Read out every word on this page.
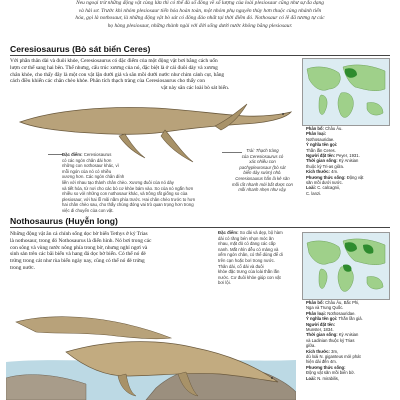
Neu ngoại trừ những động vật cùng lứa thì có thể đủ số đông về số lượng của loài plesiosaur cũng như sự đa dạng
và hải sơ. Trước khi nhóm plesiosaur tiến hóa hoàn toàn, một nhóm phụ nguyên thủy hơn thuộc cùng nhánh tiến
hóa, gọi là nothosaur, là những động vật bò sát có đông đảo nhất tại thời điểm đó. Nothosaur có lẽ đã tương tự các
họ hàng plesiosaur, những thành ngài với đời sống dưới nước không bằng plesiosaur.
Ceresiosaurus (Bò sát biển Ceres)
Với phần thân dài và đuôi khỏe, Ceresiosaurus có đặc điểm của một động vật bơi bằng cách uốn
lượn cơ thể sang hai bên. Thế nhưng, cấu trúc xương của nó, đặc biệt là ở cái đuôi dày và xương
chân khỏe, cho thấy đây là một con vật lặn dưới giả và săn mồi dưới nước như chim cánh cụt, bằng
cách điều khiển các chân chèo khỏe. Phân tích thạch tràng của Ceresiosaurus cho thấy con
vật này săn các loài bò sát biển.
Đặc điểm: Ceresiosaurus
có các ngón chân dài hơn
những con nothosaur khác, vì
mỗi ngón của nó có nhiều
xương hơn. Các ngón chân dính
liền với nhau tạo thành chân chèo. Xương đuôi của nó dày
và tiết hóa, từ nơi cho các bó cơ khỏe bám vào. So của nó ngắn hơn
nhiều so với những con nothosaur khác, và trông rất giống so của
plesiosaur, với hai lỗ mũi nằm phía trước. Hai chân chèo trước to hơn
hai chân chèo sau, cho thấy chúng đóng vai trò quan trọng hơn trong
việc di chuyển của con vật.
Trái: Thạch tràng
của Ceresiosaurus có
xác nhiều con
pachypleurosaur (bò sát
biển dày sườn) nhỏ.
Ceresiosaurus hẳn là kẻ săn
mồi rất nhanh mới bắt được con
mồi nhanh nhẹn như vậy.
Phân bố: Châu Âu.
Phân loại:
Nothosauridae.
Ý nghĩa tên gọi:
Thằn lằn Ceres.
Người đặt tên: Peyer, 1931.
Thời gian sống: Kỷ Anisian
thuộc kỷ Tri-as giữa.
Kích thước: 4m.
Phương thức sống: Động vật
săn mồi dưới nước.
Loài: C. calcagnii,
C. lanzi.
Nothosaurus (Huyễn long)
Những động vật ăn cá chính sống dọc bờ biển Tethys ở kỷ Trias
là nothosaur, trong đó Nothosaurus là điển hình. Nó bơi trong các
con sông và vùng nước nông phía trong bờ, nhưng nghỉ ngơi và
sinh sản trên các bãi biển và hang đá dọc bờ biển. Có thể nó đẻ
trứng trong cát như rùa biển ngày nay, cũng có thể nó đẻ trứng
trong nước.
Đặc điểm: So dài và dẹp, bộ hàm
dài có răng bén nhọn móc ăn
nhau, mặt đỏ có đang các cấp
nanh. Mắt nhìn dễu có mảng và
xếm ngón chân, có thể dùng để di
trên cạn hoặc bơi trong nước.
Thân dài, cổ dài và đuôi
khỏe đặc trưng của loài thằn lằn
nước. Cơ đuôi khỏe giúp con vật
bơi lội.
Phân bố: Châu Âu, Bắc Phi,
Nga và Trung Quốc.
Phân loại: Nothosauridae.
Ý nghĩa tên gọi: Thằn lằn giả.
Người đặt tên:
Munster, 1834.
Thời gian sống: Kỷ Anisian
và Ladinian thuộc kỷ Trias
giữa.
Kích thước: 3m,
dù loài N. giganteus mới phát
hiện dài đến 4m.
Phương thức sống:
Động vật săn mồi biển bờ.
Loài: N. mirabilis,
